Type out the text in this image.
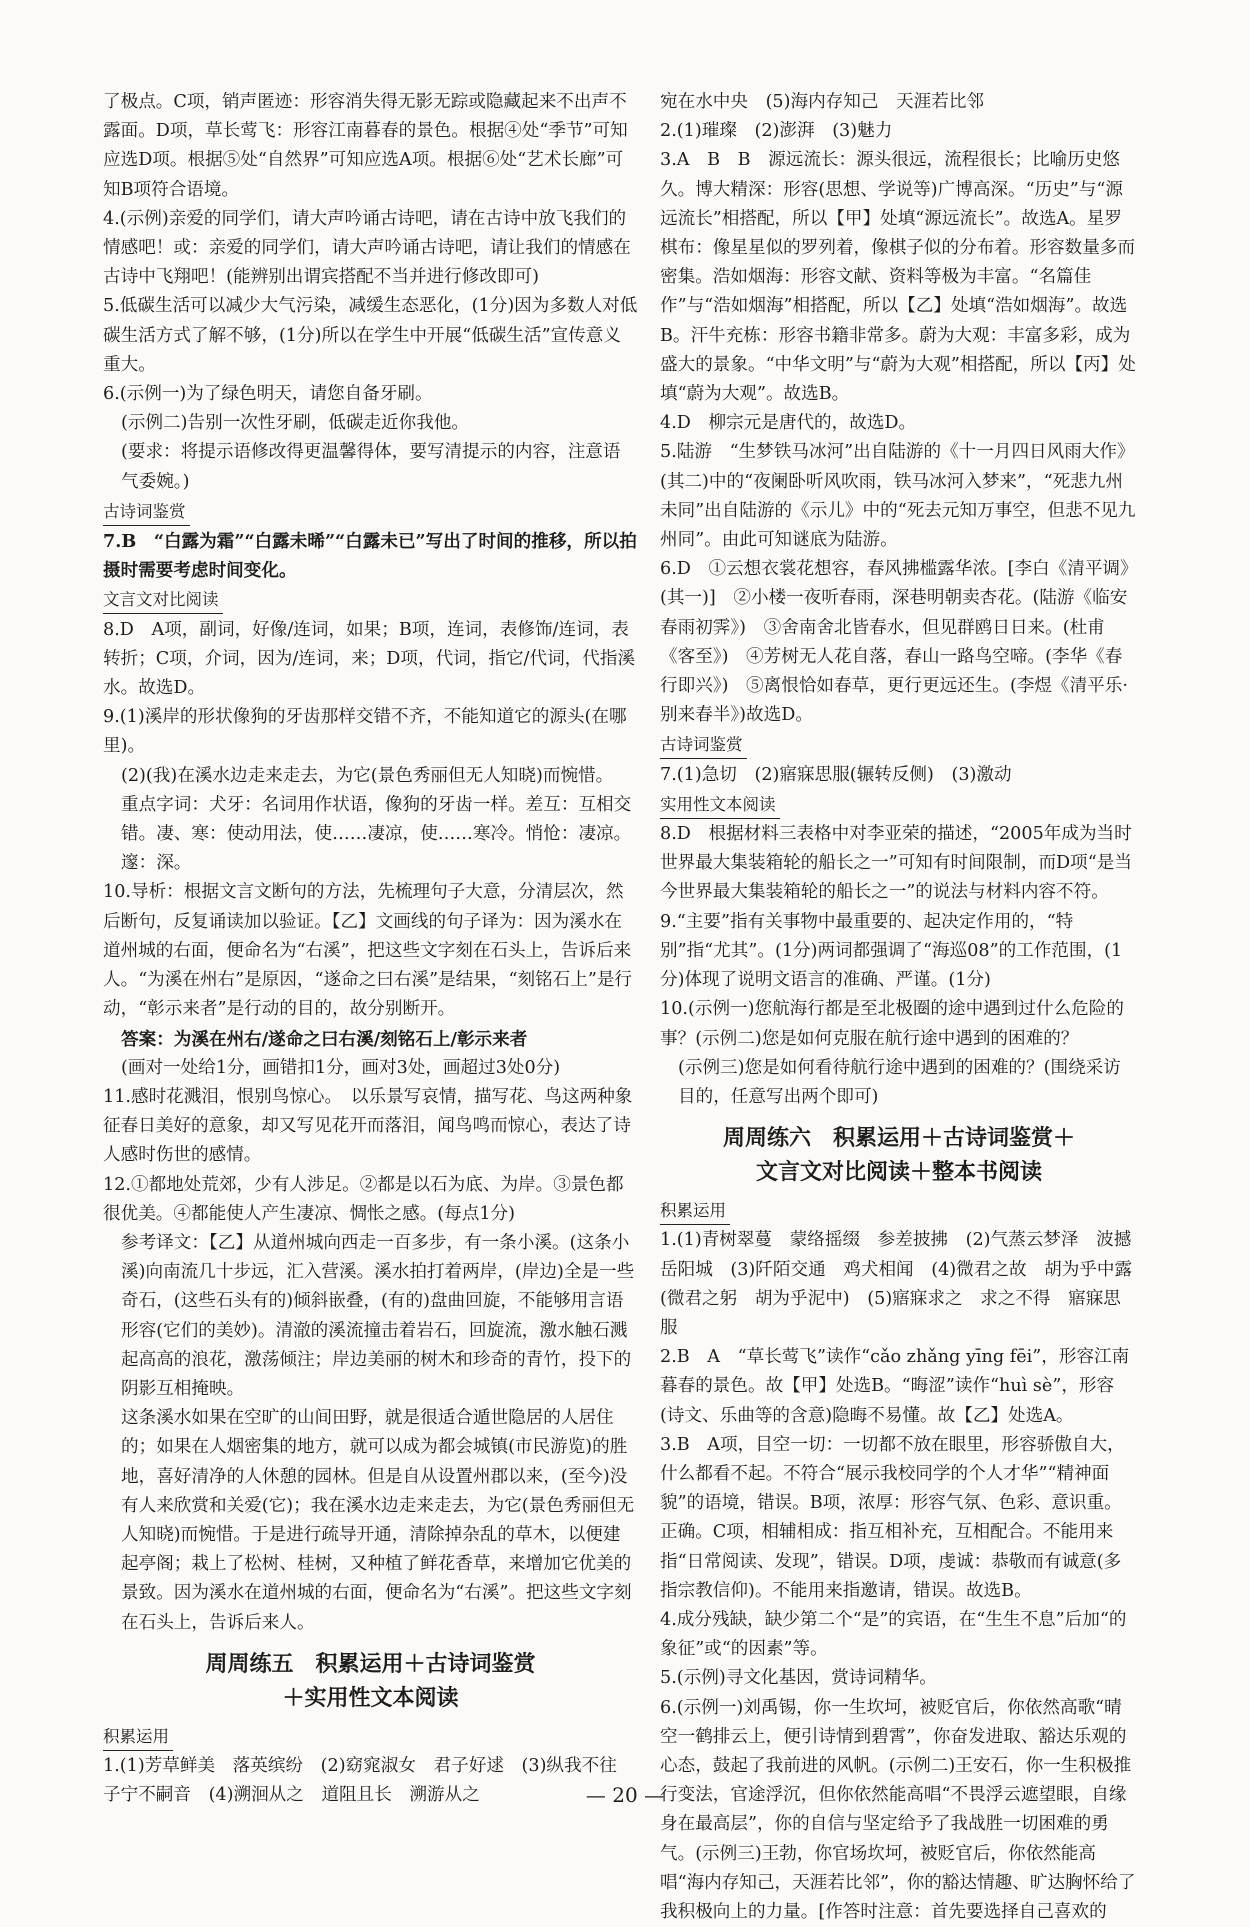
了极点。C项，销声匿迹：形容消失得无影无踪或隐藏起来不出声不露面。D项，草长莺飞：形容江南暮春的景色。根据④处“季节”可知应选D项。根据⑤处“自然界”可知应选A项。根据⑥处“艺术长廊”可知B项符合语境。

4.(示例)亲爱的同学们，请大声吟诵古诗吧，请在古诗中放飞我们的情感吧！或：亲爱的同学们，请大声吟诵古诗吧，请让我们的情感在古诗中飞翔吧！(能辨别出谓宾搭配不当并进行修改即可)

5.低碳生活可以减少大气污染，减缓生态恶化，(1分)因为多数人对低碳生活方式了解不够，(1分)所以在学生中开展“低碳生活”宣传意义重大。

6.(示例一)为了绿色明天，请您自备牙刷。

(示例二)告别一次性牙刷，低碳走近你我他。

(要求：将提示语修改得更温馨得体，要写清提示的内容，注意语气委婉。)

古诗词鉴赏

7.B　“白露为霜”“白露未晞”“白露未已”写出了时间的推移，所以拍摄时需要考虑时间变化。

文言文对比阅读

8.D　A项，副词，好像/连词，如果；B项，连词，表修饰/连词，表转折；C项，介词，因为/连词，来；D项，代词，指它/代词，代指溪水。故选D。

9.(1)溪岸的形状像狗的牙齿那样交错不齐，不能知道它的源头(在哪里)。

(2)(我)在溪水边走来走去，为它(景色秀丽但无人知晓)而惋惜。

重点字词：犬牙：名词用作状语，像狗的牙齿一样。差互：互相交错。凄、寒：使动用法，使……凄凉，使……寒冷。悄怆：凄凉。邃：深。

10.导析：根据文言文断句的方法，先梳理句子大意，分清层次，然后断句，反复诵读加以验证。【乙】文画线的句子译为：因为溪水在道州城的右面，便命名为“右溪”，把这些文字刻在石头上，告诉后来人。“为溪在州右”是原因，“遂命之曰右溪”是结果，“刻铭石上”是行动，“彰示来者”是行动的目的，故分别断开。

答案：为溪在州右/遂命之曰右溪/刻铭石上/彰示来者

(画对一处给1分，画错扣1分，画对3处，画超过3处0分)

11.感时花溅泪，恨别鸟惊心。　以乐景写哀情，描写花、鸟这两种象征春日美好的意象，却又写见花开而落泪，闻鸟鸣而惊心，表达了诗人感时伤世的感情。

12.①都地处荒郊，少有人涉足。②都是以石为底、为岸。③景色都很优美。④都能使人产生凄凉、惆怅之感。(每点1分)

参考译文：【乙】从道州城向西走一百多步，有一条小溪。(这条小溪)向南流几十步远，汇入营溪。溪水拍打着两岸，(岸边)全是一些奇石，(这些石头有的)倾斜嵌叠，(有的)盘曲回旋，不能够用言语形容(它们的美妙)。清澈的溪流撞击着岩石，回旋流，激水触石溅起高高的浪花，激荡倾注；岸边美丽的树木和珍奇的青竹，投下的阴影互相掩映。

这条溪水如果在空旷的山间田野，就是很适合遁世隐居的人居住的；如果在人烟密集的地方，就可以成为都会城镇(市民游览)的胜地，喜好清净的人休憩的园林。但是自从设置州郡以来，(至今)没有人来欣赏和关爱(它)；我在溪水边走来走去，为它(景色秀丽但无人知晓)而惋惜。于是进行疏导开通，清除掉杂乱的草木，以便建起亭阁；栽上了松树、桂树，又种植了鲜花香草，来增加它优美的景致。因为溪水在道州城的右面，便命名为“右溪”。把这些文字刻在石头上，告诉后来人。

周周练五　积累运用＋古诗词鉴赏
＋实用性文本阅读
积累运用

1.(1)芳草鲜美　落英缤纷　(2)窈窕淑女　君子好逑　(3)纵我不往　子宁不嗣音　(4)溯洄从之　道阻且长　溯游从之

宛在水中央　(5)海内存知己　天涯若比邻

2.(1)璀璨　(2)澎湃　(3)魅力

3.A　B　B　源远流长：源头很远，流程很长；比喻历史悠久。博大精深：形容(思想、学说等)广博高深。“历史”与“源远流长”相搭配，所以【甲】处填“源远流长”。故选A。星罗棋布：像星星似的罗列着，像棋子似的分布着。形容数量多而密集。浩如烟海：形容文献、资料等极为丰富。“名篇佳作”与“浩如烟海”相搭配，所以【乙】处填“浩如烟海”。故选B。汗牛充栋：形容书籍非常多。蔚为大观：丰富多彩，成为盛大的景象。“中华文明”与“蔚为大观”相搭配，所以【丙】处填“蔚为大观”。故选B。

4.D　柳宗元是唐代的，故选D。

5.陆游　“生梦铁马冰河”出自陆游的《十一月四日风雨大作》(其二)中的“夜阑卧听风吹雨，铁马冰河入梦来”，“死悲九州未同”出自陆游的《示儿》中的“死去元知万事空，但悲不见九州同”。由此可知谜底为陆游。

6.D　①云想衣裳花想容，春风拂槛露华浓。[李白《清平调》(其一)]　②小楼一夜听春雨，深巷明朝卖杏花。(陆游《临安春雨初霁》)　③舍南舍北皆春水，但见群鸥日日来。(杜甫《客至》)　④芳树无人花自落，春山一路鸟空啼。(李华《春行即兴》)　⑤离恨恰如春草，更行更远还生。(李煜《清平乐·别来春半》)故选D。

古诗词鉴赏

7.(1)急切　(2)寤寐思服(辗转反侧)　(3)激动

实用性文本阅读

8.D　根据材料三表格中对李亚荣的描述，“2005年成为当时世界最大集装箱轮的船长之一”可知有时间限制，而D项“是当今世界最大集装箱轮的船长之一”的说法与材料内容不符。

9.“主要”指有关事物中最重要的、起决定作用的，“特别”指“尤其”。(1分)两词都强调了“海巡08”的工作范围，(1分)体现了说明文语言的准确、严谨。(1分)

10.(示例一)您航海行都是至北极圈的途中遇到过什么危险的事？(示例二)您是如何克服在航行途中遇到的困难的？

(示例三)您是如何看待航行途中遇到的困难的？(围绕采访目的，任意写出两个即可)

周周练六　积累运用＋古诗词鉴赏＋
文言文对比阅读＋整本书阅读
积累运用

1.(1)青树翠蔓　蒙络摇缀　参差披拂　(2)气蒸云梦泽　波撼岳阳城　(3)阡陌交通　鸡犬相闻　(4)微君之故　胡为乎中露(微君之躬　胡为乎泥中)　(5)寤寐求之　求之不得　寤寐思服

2.B　A　“草长莺飞”读作“cǎo zhǎng yīng fēi”，形容江南暮春的景色。故【甲】处选B。“晦涩”读作“huì sè”，形容(诗文、乐曲等的含意)隐晦不易懂。故【乙】处选A。

3.B　A项，目空一切：一切都不放在眼里，形容骄傲自大，什么都看不起。不符合“展示我校同学的个人才华”“精神面貌”的语境，错误。B项，浓厚：形容气氛、色彩、意识重。正确。C项，相辅相成：指互相补充，互相配合。不能用来指“日常阅读、发现”，错误。D项，虔诚：恭敬而有诚意(多指宗教信仰)。不能用来指邀请，错误。故选B。

4.成分残缺，缺少第二个“是”的宾语，在“生生不息”后加“的象征”或“的因素”等。

5.(示例)寻文化基因，赏诗词精华。

6.(示例一)刘禹锡，你一生坎坷，被贬官后，你依然高歌“晴空一鹤排云上，便引诗情到碧霄”，你奋发进取、豁达乐观的心态，鼓起了我前进的风帆。(示例二)王安石，你一生积极推行变法，官途浮沉，但你依然能高唱“不畏浮云遮望眼，自缘身在最高层”，你的自信与坚定给予了我战胜一切困难的勇气。(示例三)王勃，你官场坎坷，被贬官后，你依然能高唱“海内存知己，天涯若比邻”，你的豁达情趣、旷达胸怀给了我积极向上的力量。[作答时注意：首先要选择自己喜欢的

— 20 —
